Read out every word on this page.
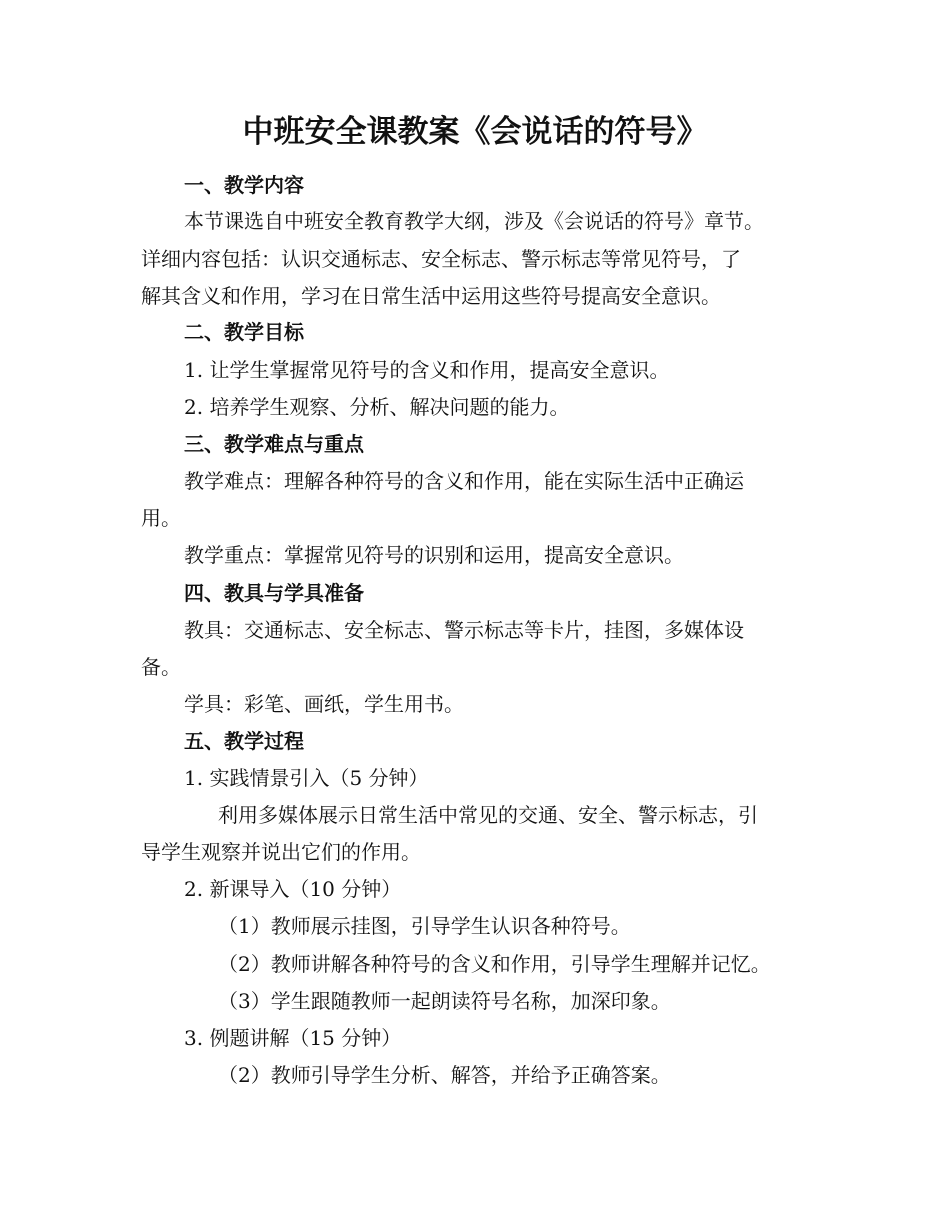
中班安全课教案《会说话的符号》

一、教学内容

本节课选自中班安全教育教学大纲，涉及《会说话的符号》章节。

详细内容包括：认识交通标志、安全标志、警示标志等常见符号，了

解其含义和作用，学习在日常生活中运用这些符号提高安全意识。

二、教学目标

1. 让学生掌握常见符号的含义和作用，提高安全意识。

2. 培养学生观察、分析、解决问题的能力。

三、教学难点与重点

教学难点：理解各种符号的含义和作用，能在实际生活中正确运

用。

教学重点：掌握常见符号的识别和运用，提高安全意识。

四、教具与学具准备

教具：交通标志、安全标志、警示标志等卡片，挂图，多媒体设

备。

学具：彩笔、画纸，学生用书。

五、教学过程

1. 实践情景引入（5 分钟）

利用多媒体展示日常生活中常见的交通、安全、警示标志，引

导学生观察并说出它们的作用。

2. 新课导入（10 分钟）

（1）教师展示挂图，引导学生认识各种符号。

（2）教师讲解各种符号的含义和作用，引导学生理解并记忆。

（3）学生跟随教师一起朗读符号名称，加深印象。

3. 例题讲解（15 分钟）

（2）教师引导学生分析、解答，并给予正确答案。
